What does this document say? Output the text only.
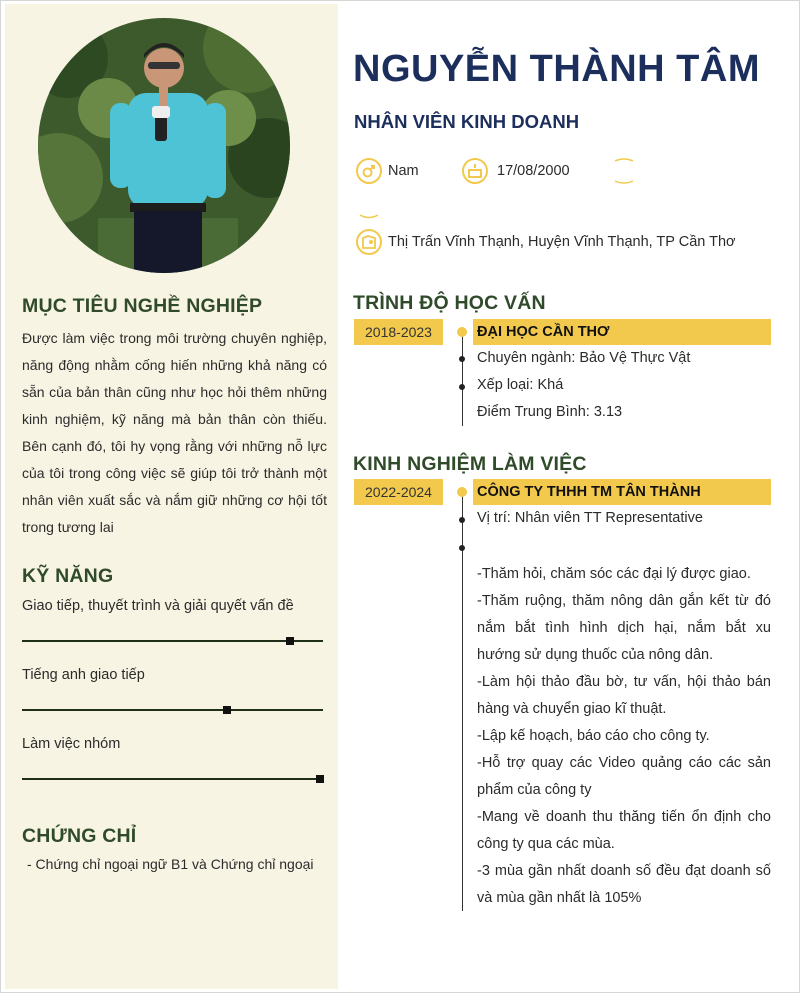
MỤC TIÊU NGHỀ NGHIỆP
Được làm việc trong môi trường chuyên nghiệp, năng động nhằm cống hiến những khả năng có sẵn của bản thân cũng như học hỏi thêm những kinh nghiệm, kỹ năng mà bản thân còn thiếu. Bên cạnh đó, tôi hy vọng rằng với những nỗ lực của tôi trong công việc sẽ giúp tôi trở thành một nhân viên xuất sắc và nắm giữ những cơ hội tốt trong tương lai
KỸ NĂNG
Giao tiếp, thuyết trình và giải quyết vấn đề
Tiếng anh giao tiếp
Làm việc nhóm
CHỨNG CHỈ
- Chứng chỉ ngoại ngữ B1 và Chứng chỉ ngoại
NGUYỄN THÀNH TÂM
NHÂN VIÊN KINH DOANH
Nam	17/08/2000
Thị Trấn Vĩnh Thạnh, Huyện Vĩnh Thạnh, TP Cần Thơ
TRÌNH ĐỘ HỌC VẤN
2018-2023	ĐẠI HỌC CẦN THƠ
Chuyên ngành: Bảo Vệ Thực Vật
Xếp loại: Khá
Điểm Trung Bình: 3.13
KINH NGHIỆM LÀM VIỆC
2022-2024	CÔNG TY THHH TM TÂN THÀNH
Vị trí: Nhân viên TT Representative
-Thăm hỏi, chăm sóc các đại lý được giao.
-Thăm ruộng, thăm nông dân gắn kết từ đó nắm bắt tình hình dịch hại, nắm bắt xu hướng sử dụng thuốc của nông dân.
-Làm hội thảo đầu bờ, tư vấn, hội thảo bán hàng và chuyển giao kĩ thuật.
-Lập kế hoạch, báo cáo cho công ty.
-Hỗ trợ quay các Video quảng cáo các sản phẩm của công ty
-Mang về doanh thu thăng tiến ổn định cho công ty qua các mùa.
-3 mùa gần nhất doanh số đều đạt doanh số và mùa gần nhất là 105%
